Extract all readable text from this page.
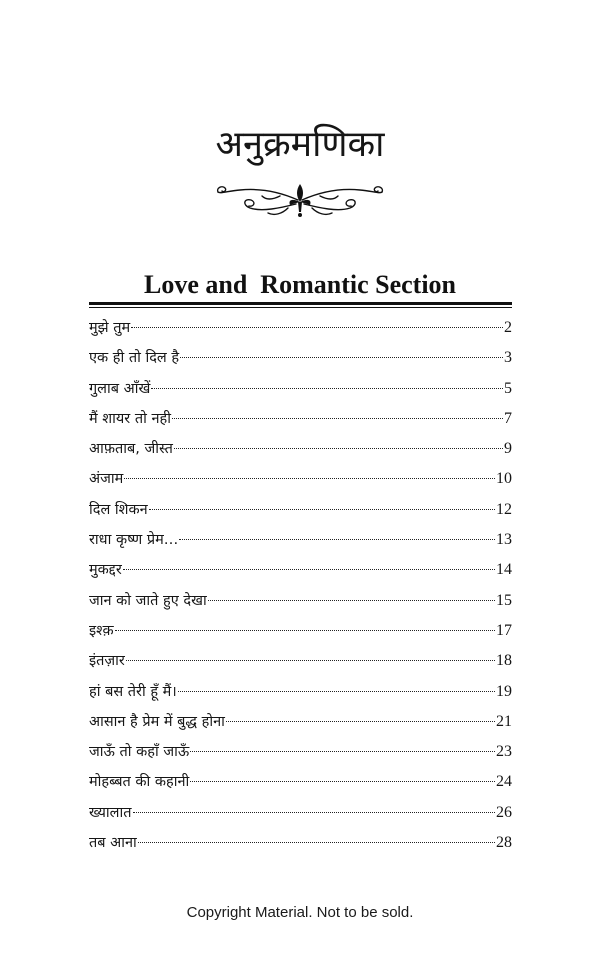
अनुक्रमणिका
Love and  Romantic Section
मुझे तुम	2
एक ही तो दिल है	3
गुलाब आँखें	5
मैं शायर तो नही	7
आफ़ताब, जीस्त	9
अंजाम	10
दिल शिकन	12
राधा कृष्ण प्रेम…	13
मुकद्दर	14
जान को जाते हुए देखा	15
इश्क़	17
इंतज़ार	18
हां बस तेरी हूँ मैं।	19
आसान है प्रेम में बुद्ध होना	21
जाऊँ तो कहाँ जाऊँ	23
मोहब्बत की कहानी	24
ख्यालात	26
तब आना	28
Copyright Material. Not to be sold.
